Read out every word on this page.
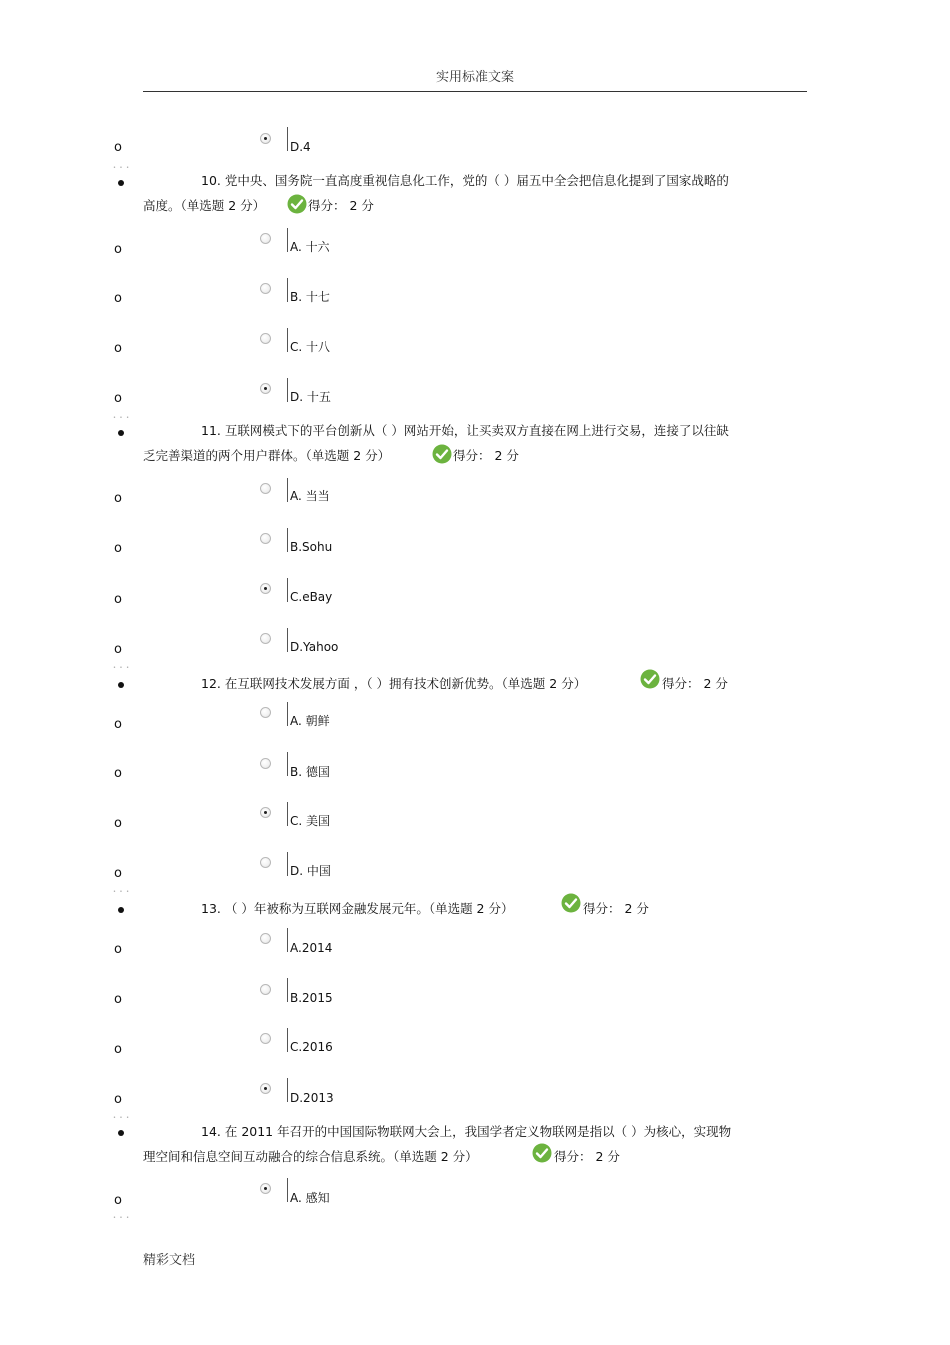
实用标准文案
o	D.4
• • •
10. 党中央、国务院一直高度重视信息化工作，党的（ ）届五中全会把信息化提到了国家战略的
高度。（单选题 2 分）	得分： 2 分
o	A. 十六
o	B. 十七
o	C. 十八
o	D. 十五
• • •
11. 互联网模式下的平台创新从（ ）网站开始，让买卖双方直接在网上进行交易，连接了以往缺
乏完善渠道的两个用户群体。（单选题 2 分）	得分： 2 分
o	A. 当当
o	B.Sohu
o	C.eBay
o	D.Yahoo
• • •
12. 在互联网技术发展方面 ，（ ）拥有技术创新优势。（单选题 2 分）	得分： 2 分
o	A. 朝鲜
o	B. 德国
o	C. 美国
o	D. 中国
• • •
13. （ ）年被称为互联网金融发展元年。（单选题 2 分）	得分： 2 分
o	A.2014
o	B.2015
o	C.2016
o	D.2013
• • •
14. 在 2011 年召开的中国国际物联网大会上，我国学者定义物联网是指以（ ）为核心，实现物
理空间和信息空间互动融合的综合信息系统。（单选题 2 分）	得分： 2 分
o	A. 感知
• • •
精彩文档
